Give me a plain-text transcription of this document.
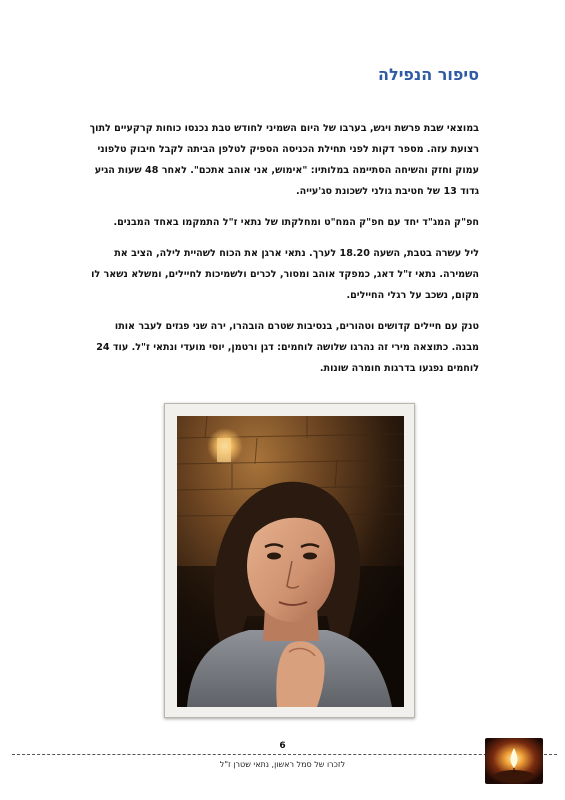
סיפור הנפילה

במוצאי שבת פרשת ויגש, בערבו של היום השמיני לחודש טבת נכנסו כוחות קרקעיים לתוך רצועת עזה. מספר דקות לפני תחילת הכניסה הספיק לטלפן הביתה לקבל חיבוק טלפוני עמוק וחזק והשיחה הסתיימה במלותיו: "אימוש, אני אוהב אתכם". לאחר 48 שעות הגיע גדוד 13 של חטיבת גולני לשכונת סג'עייה.

חפ"ק המג"ד יחד עם חפ"ק המח"ט ומחלקתו של נתאי ז"ל התמקמו באחד המבנים.

ליל עשרה בטבת, השעה 18.20 לערך. נתאי ארגן את הכוח לשהיית לילה, הציב את השמירה. נתאי ז"ל דאג, כמפקד אוהב ומסור, לכרים ולשמיכות לחיילים, ומשלא נשאר לו מקום, נשכב על רגלי החיילים.

טנק עם חיילים קדושים וטהורים, בנסיבות שטרם הובהרו, ירה שני פגזים לעבר אותו מבנה. כתוצאה מירי זה נהרגו שלושה לוחמים: דגן ורטמן, יוסי מועדי ונתאי ז"ל. עוד 24 לוחמים נפגעו בדרגות חומרה שונות.

6
לזכרו של סמל ראשון, נתאי שטרן ז"ל
